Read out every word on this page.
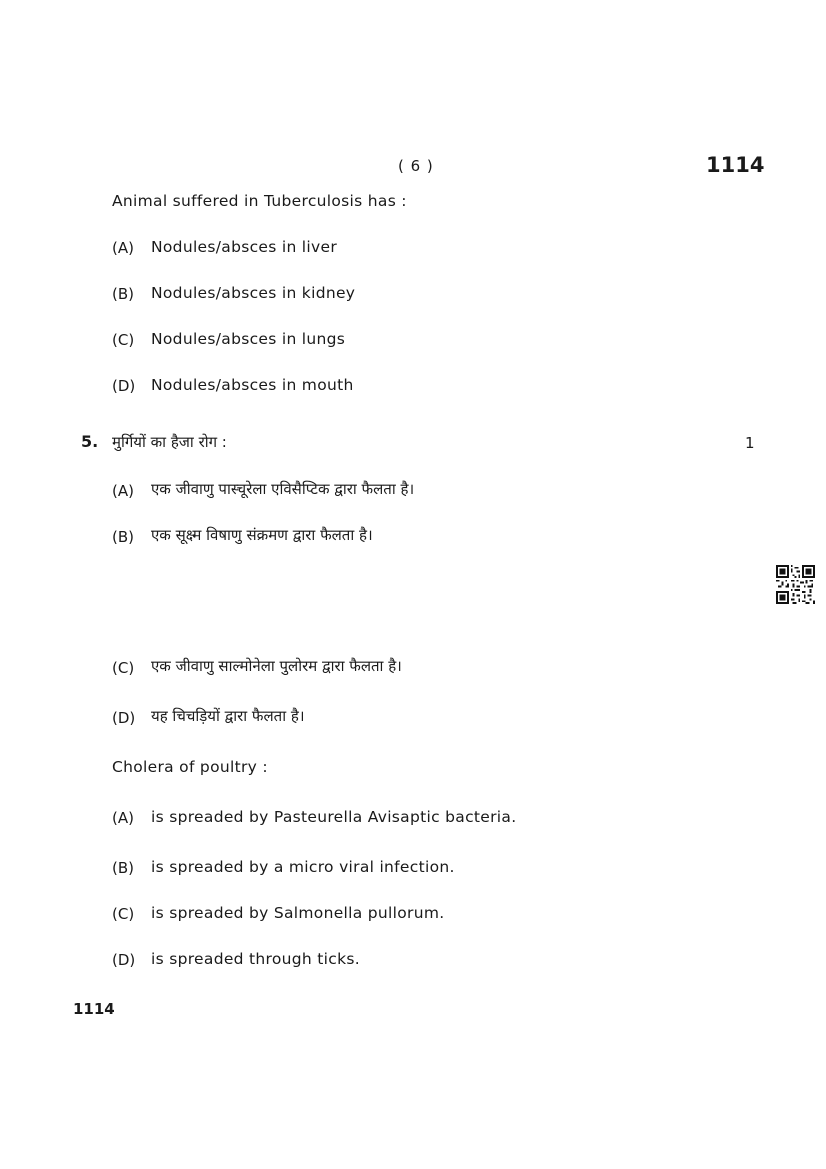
( 6 )	1114
Animal suffered in Tuberculosis has :
(A) Nodules/absces in liver
(B) Nodules/absces in kidney
(C) Nodules/absces in lungs
(D) Nodules/absces in mouth
5. मुर्गियों का हैजा रोग :	1
(A) एक जीवाणु पास्चूरेला एविसैप्टिक द्वारा फैलता है।
(B) एक सूक्ष्म विषाणु संक्रमण द्वारा फैलता है।
(C) एक जीवाणु साल्मोनेला पुलोरम द्वारा फैलता है।
(D) यह चिचड़ियों द्वारा फैलता है।
Cholera of poultry :
(A) is spreaded by Pasteurella Avisaptic bacteria.
(B) is spreaded by a micro viral infection.
(C) is spreaded by Salmonella pullorum.
(D) is spreaded through ticks.
1114
